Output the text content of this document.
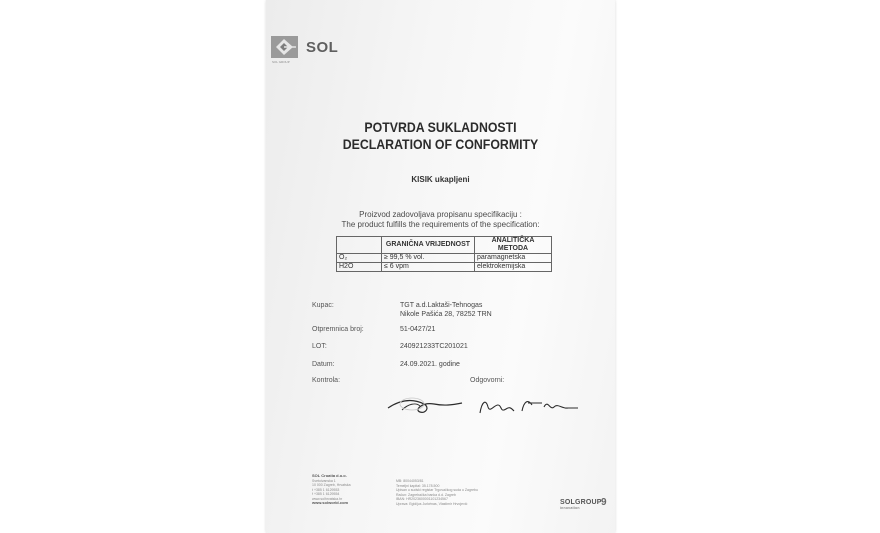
SOL
SOL GROUP
POTVRDA SUKLADNOSTI
DECLARATION OF CONFORMITY
KISIK ukapljeni
Proizvod zadovoljava propisanu specifikaciju :
The product fulfills the requirements of the specification:
	GRANIČNA VRIJEDNOST	ANALITIČKA METODA
O₂	≥ 99,5 % vol.	paramagnetska
H2O	≤ 6 vpm	elektrokemijska
Kupac:	TGT a.d.Laktaši-Tehnogas
Nikole Pašića 28, 78252 TRN
Otpremnica broj:	51-0427/21
LOT:	240921233TC201021
Datum:	24.09.2021. godine
Kontrola:	Odgovorni:
SOL Croatia d.o.o.
Svetoivanska 1
10 000 Zagreb, Hrvatska
t +385 1 6129553
f +385 1 6129554
www.solhrvatska.hr
www.solworld.com
MB: 80044053/81
Temeljni kapital: 35.178.500
Upisan u sudski registar Trgovačkog suda u Zagrebu
Račun: Zagrebačka banka d.d. Zagreb
IBAN: HR2023600001101234567
Uprava: Egidijus Jurkėnas, Vlastimir Hrvojević	SOLGROUP
innovation	9
